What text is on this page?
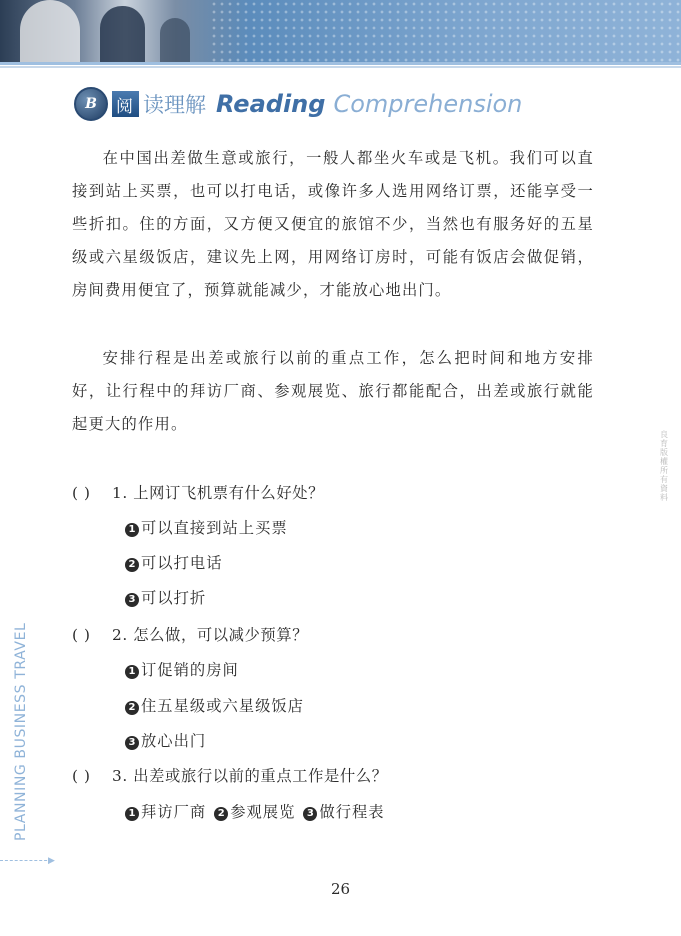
B	阅 读理解 Reading Comprehension
在中国出差做生意或旅行，一般人都坐火车或是飞机。我们可以直接到站上买票，也可以打电话，或像许多人选用网络订票，还能享受一些折扣。住的方面，又方便又便宜的旅馆不少，当然也有服务好的五星级或六星级饭店，建议先上网，用网络订房时，可能有饭店会做促销，房间费用便宜了，预算就能减少，才能放心地出门。
安排行程是出差或旅行以前的重点工作，怎么把时间和地方安排好，让行程中的拜访厂商、参观展览、旅行都能配合，出差或旅行就能起更大的作用。
( ) 1. 上网订飞机票有什么好处？
1 可以直接到站上买票
2 可以打电话
3 可以打折
( ) 2. 怎么做，可以减少预算？
1 订促销的房间
2 住五星级或六星级饭店
3 放心出门
( ) 3. 出差或旅行以前的重点工作是什么？
1 拜访厂商 2 参观展览 3 做行程表
PLANNING BUSINESS TRAVEL
▶
良育版權所有資料
26
